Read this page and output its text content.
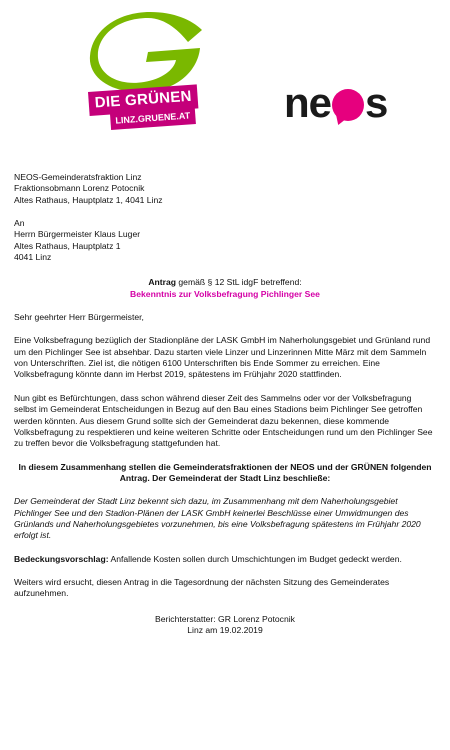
DIE GRÜNEN
LINZ.GRUENE.AT ne s
NEOS-Gemeinderatsfraktion Linz
Fraktionsobmann Lorenz Potocnik
Altes Rathaus, Hauptplatz 1, 4041 Linz
An
Herrn Bürgermeister Klaus Luger
Altes Rathaus, Hauptplatz 1
4041 Linz
Antrag gemäß § 12 StL idgF betreffend:
Bekenntnis zur Volksbefragung Pichlinger See

Sehr geehrter Herr Bürgermeister,

Eine Volksbefragung bezüglich der Stadionpläne der LASK GmbH im Naherholungsgebiet und Grünland rund um den Pichlinger See ist absehbar. Dazu starten viele Linzer und Linzerinnen Mitte März mit dem Sammeln von Unterschriften. Ziel ist, die nötigen 6100 Unterschriften bis Ende Sommer zu erreichen. Eine Volksbefragung könnte dann im Herbst 2019, spätestens im Frühjahr 2020 stattfinden.

Nun gibt es Befürchtungen, dass schon während dieser Zeit des Sammelns oder vor der Volksbefragung selbst im Gemeinderat Entscheidungen in Bezug auf den Bau eines Stadions beim Pichlinger See getroffen werden könnten. Aus diesem Grund sollte sich der Gemeinderat dazu bekennen, diese kommende Volksbefragung zu respektieren und keine weiteren Schritte oder Entscheidungen rund um den Pichlinger See zu treffen bevor die Volksbefragung stattgefunden hat.

In diesem Zusammenhang stellen die Gemeinderatsfraktionen der NEOS und der GRÜNEN folgenden Antrag. Der Gemeinderat der Stadt Linz beschließe:

Der Gemeinderat der Stadt Linz bekennt sich dazu, im Zusammenhang mit dem Naherholungsgebiet Pichlinger See und den Stadion-Plänen der LASK GmbH keinerlei Beschlüsse einer Umwidmungen des Grünlands und Naherholungsgebietes vorzunehmen, bis eine Volksbefragung spätestens im Frühjahr 2020 erfolgt ist.

Bedeckungsvorschlag: Anfallende Kosten sollen durch Umschichtungen im Budget gedeckt werden.

Weiters wird ersucht, diesen Antrag in die Tagesordnung der nächsten Sitzung des Gemeinderates aufzunehmen.

Berichterstatter: GR Lorenz Potocnik
Linz am 19.02.2019
